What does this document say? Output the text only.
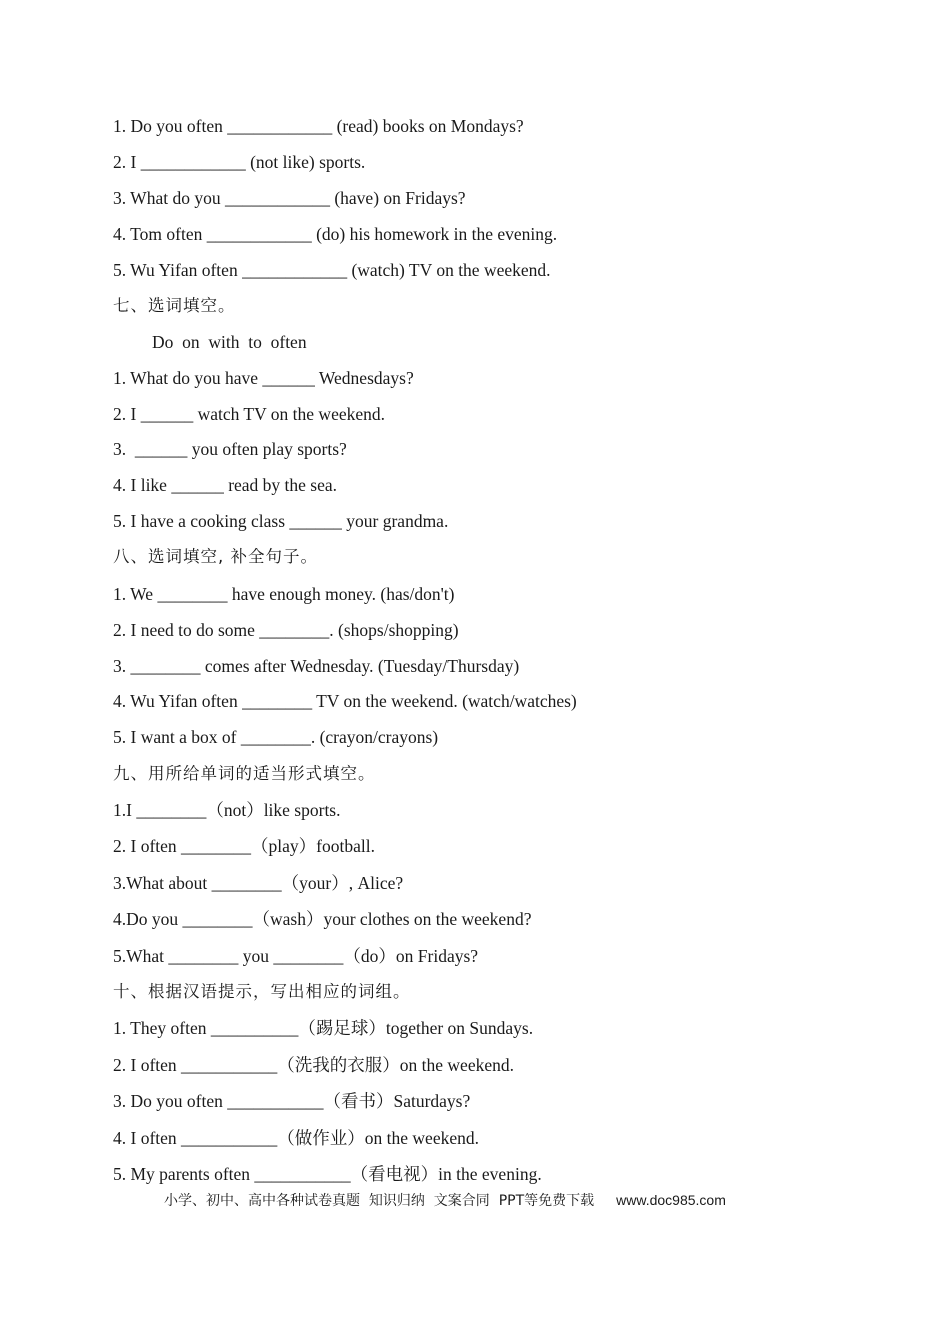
1. Do you often ____________ (read) books on Mondays?
2. I ____________ (not like) sports.
3. What do you ____________ (have) on Fridays?
4. Tom often ____________ (do) his homework in the evening.
5. Wu Yifan often ____________ (watch) TV on the weekend.
七、选词填空。
Do  on  with  to  often
1. What do you have ______ Wednesdays?
2. I ______ watch TV on the weekend.
3.  ______ you often play sports?
4. I like ______ read by the sea.
5. I have a cooking class ______ your grandma.
八、选词填空, 补全句子。
1. We ________ have enough money. (has/don't)
2. I need to do some ________. (shops/shopping)
3. ________ comes after Wednesday. (Tuesday/Thursday)
4. Wu Yifan often ________ TV on the weekend. (watch/watches)
5. I want a box of ________. (crayon/crayons)
九、用所给单词的适当形式填空。
1.I ________（not）like sports.
2. I often ________（play）football.
3.What about ________（your）, Alice?
4.Do you ________（wash）your clothes on the weekend?
5.What ________ you ________（do）on Fridays?
十、根据汉语提示，写出相应的词组。
1. They often __________（踢足球）together on Sundays.
2. I often ___________（洗我的衣服）on the weekend.
3. Do you often ___________（看书）Saturdays?
4. I often ___________（做作业）on the weekend.
5. My parents often ___________（看电视）in the evening.
小学、初中、高中各种试卷真题  知识归纳  文案合同  PPT等免费下载 www.doc985.com
